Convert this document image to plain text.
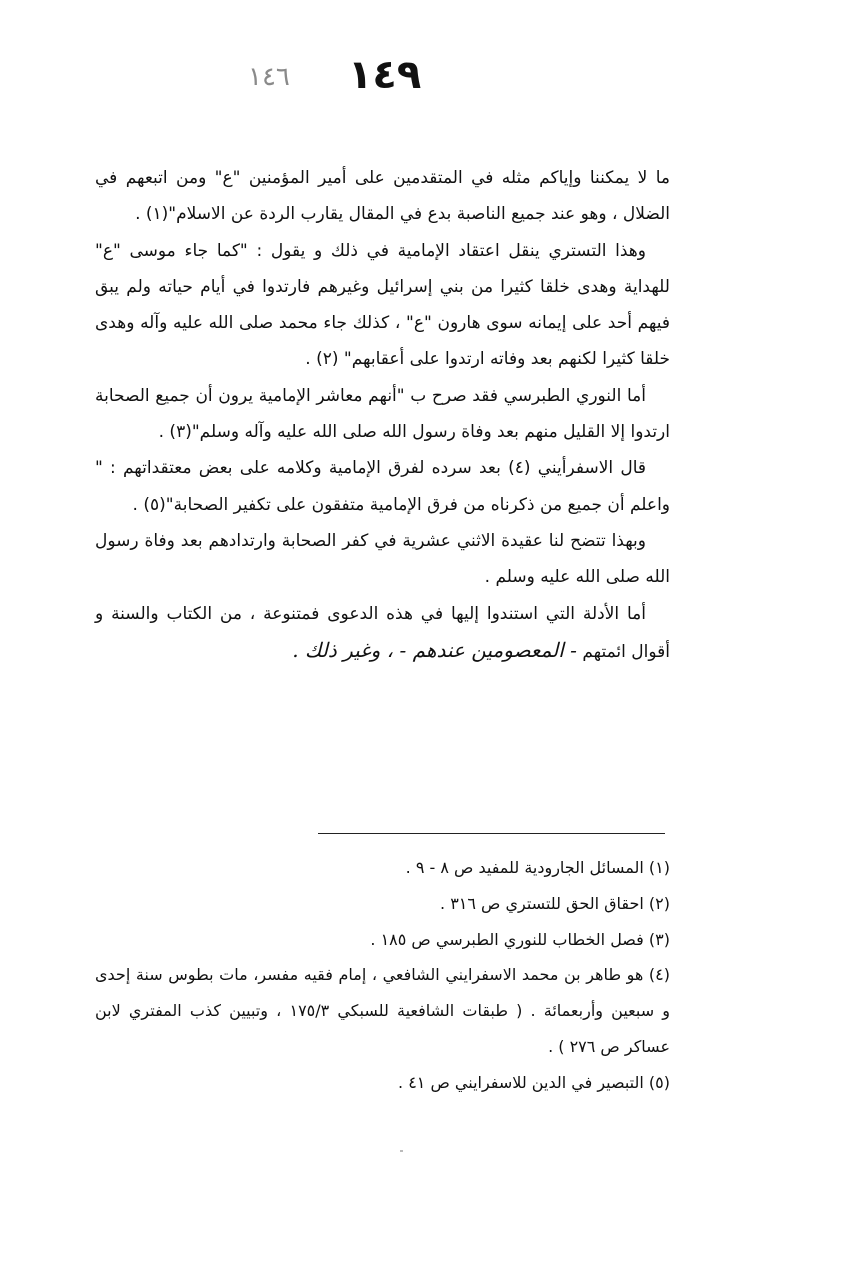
١٤٦ ١٤٩

ما لا يمكننا وإياكم مثله في المتقدمين على أمير المؤمنين "ع" ومن اتبعهم في الضلال ، وهو عند جميع الناصبة بدع في المقال يقارب الردة عن الاسلام"(١) .

وهذا التستري ينقل اعتقاد الإمامية في ذلك و يقول : "كما جاء موسى "ع" للهداية وهدى خلقا كثيرا من بني إسرائيل وغيرهم فارتدوا في أيام حياته ولم يبق فيهم أحد على إيمانه سوى هارون "ع" ، كذلك جاء محمد صلى الله عليه وآله وهدى خلقا كثيرا لكنهم بعد وفاته ارتدوا على أعقابهم" (٢) .

أما النوري الطبرسي فقد صرح ب "أنهم معاشر الإمامية يرون أن جميع الصحابة ارتدوا إلا القليل منهم بعد وفاة رسول الله صلى الله عليه وآله وسلم"(٣) .

قال الاسفرأيني (٤) بعد سرده لفرق الإمامية وكلامه على بعض معتقداتهم : " واعلم أن جميع من ذكرناه من فرق الإمامية متفقون على تكفير الصحابة"(٥) .

وبهذا تتضح لنا عقيدة الاثني عشرية في كفر الصحابة وارتدادهم بعد وفاة رسول الله صلى الله عليه وسلم .

أما الأدلة التي استندوا إليها في هذه الدعوى فمتنوعة ، من الكتاب والسنة و أقوال ائمتهم - المعصومين عندهم - ، وغير ذلك .

(١) المسائل الجارودية للمفيد ص ٨ - ٩ .

(٢) احقاق الحق للتستري ص ٣١٦ .

(٣) فصل الخطاب للنوري الطبرسي ص ١٨٥ .

(٤) هو طاهر بن محمد الاسفرايني الشافعي ، إمام فقيه مفسر، مات بطوس سنة إحدى و سبعين وأربعمائة . ( طبقات الشافعية للسبكي ١٧٥/٣ ، وتبيين كذب المفتري لابن عساكر ص ٢٧٦ ) .

(٥) التبصير في الدين للاسفرايني ص ٤١ .
